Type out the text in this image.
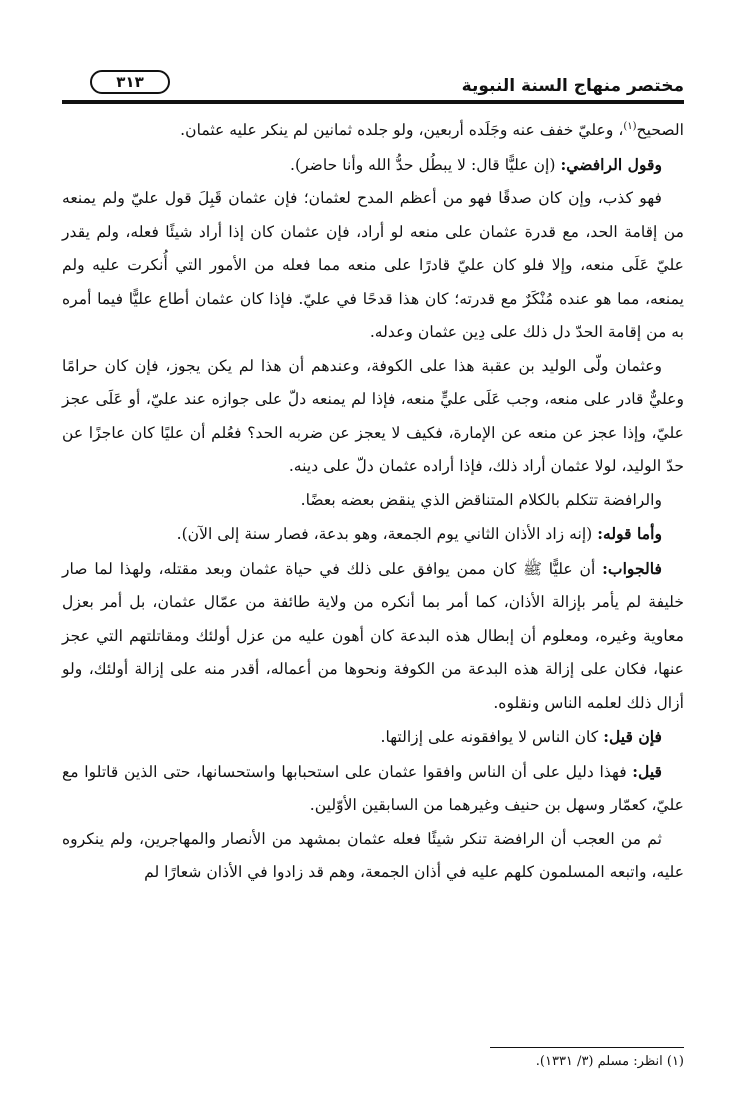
مختصر منهاج السنة النبوية
٣١٣

الصحيح$^{(١)}$، وعليّ خفف عنه وجَلَده أربعين، ولو جلده ثمانين لم ينكر عليه عثمان.

وقول الرافضي: (إن عليًّا قال: لا يبطُل حدُّ الله وأنا حاضر).

فهو كذب، وإن كان صدقًا فهو من أعظم المدح لعثمان؛ فإن عثمان قَبِلَ قول عليّ ولم يمنعه من إقامة الحد، مع قدرة عثمان على منعه لو أراد، فإن عثمان كان إذا أراد شيئًا فعله، ولم يقدر عليّ عَلَى منعه، وإلا فلو كان عليّ قادرًا على منعه مما فعله من الأمور التي أُنكرت عليه ولم يمنعه، مما هو عنده مُنْكَرٌ مع قدرته؛ كان هذا قدحًا في عليّ. فإذا كان عثمان أطاع عليًّا فيما أمره به من إقامة الحدّ دل ذلك على دِين عثمان وعدله.

وعثمان ولّى الوليد بن عقبة هذا على الكوفة، وعندهم أن هذا لم يكن يجوز، فإن كان حرامًا وعليٌّ قادر على منعه، وجب عَلَى عليٍّ منعه، فإذا لم يمنعه دلّ على جوازه عند عليّ، أو عَلَى عجز عليّ، وإذا عجز عن منعه عن الإمارة، فكيف لا يعجز عن ضربه الحد؟ فعُلم أن عليًا كان عاجزًا عن حدّ الوليد، لولا عثمان أراد ذلك، فإذا أراده عثمان دلّ على دينه.

والرافضة تتكلم بالكلام المتناقض الذي ينقض بعضه بعضًا.

وأما قوله: (إنه زاد الأذان الثاني يوم الجمعة، وهو بدعة، فصار سنة إلى الآن).

فالجواب: أن عليًّا ﷺ كان ممن يوافق على ذلك في حياة عثمان وبعد مقتله، ولهذا لما صار خليفة لم يأمر بإزالة الأذان، كما أمر بما أنكره من ولاية طائفة من عمّال عثمان، بل أمر بعزل معاوية وغيره، ومعلوم أن إبطال هذه البدعة كان أهون عليه من عزل أولئك ومقاتلتهم التي عجز عنها، فكان على إزالة هذه البدعة من الكوفة ونحوها من أعماله، أقدر منه على إزالة أولئك، ولو أزال ذلك لعلمه الناس ونقلوه.

فإن قيل: كان الناس لا يوافقونه على إزالتها.

قيل: فهذا دليل على أن الناس وافقوا عثمان على استحبابها واستحسانها، حتى الذين قاتلوا مع عليّ، كعمّار وسهل بن حنيف وغيرهما من السابقين الأوّلين.

ثم من العجب أن الرافضة تنكر شيئًا فعله عثمان بمشهد من الأنصار والمهاجرين، ولم ينكروه عليه، واتبعه المسلمون كلهم عليه في أذان الجمعة، وهم قد زادوا في الأذان شعارًا لم

(١) انظر: مسلم (٣/ ١٣٣١).
